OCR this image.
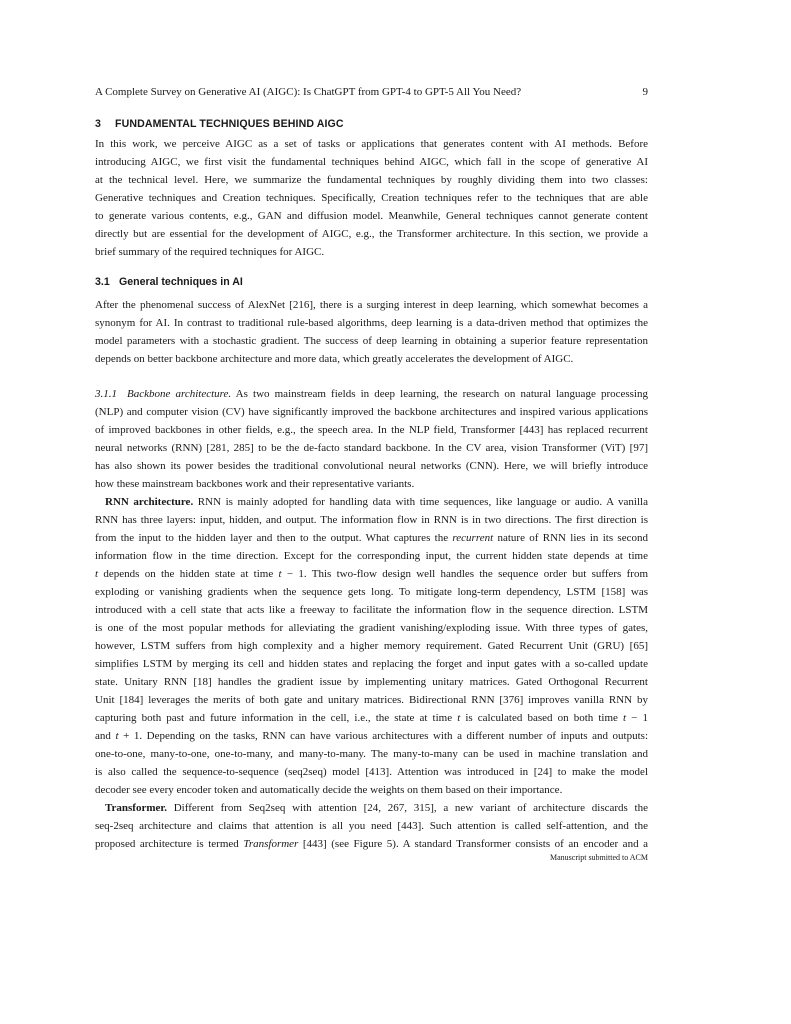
A Complete Survey on Generative AI (AIGC): Is ChatGPT from GPT-4 to GPT-5 All You Need?	9
3 FUNDAMENTAL TECHNIQUES BEHIND AIGC
3.1 General techniques in AI
In this work, we perceive AIGC as a set of tasks or applications that generates content with AI methods. Before
introducing AIGC, we first visit the fundamental techniques behind AIGC, which fall in the scope of generative AI
at the technical level. Here, we summarize the fundamental techniques by roughly dividing them into two classes:
Generative techniques and Creation techniques. Specifically, Creation techniques refer to the techniques that are able
to generate various contents, e.g., GAN and diffusion model. Meanwhile, General techniques cannot generate content
directly but are essential for the development of AIGC, e.g., the Transformer architecture. In this section, we provide a
brief summary of the required techniques for AIGC.
After the phenomenal success of AlexNet [216], there is a surging interest in deep learning, which somewhat becomes a
synonym for AI. In contrast to traditional rule-based algorithms, deep learning is a data-driven method that optimizes the
model parameters with a stochastic gradient. The success of deep learning in obtaining a superior feature representation
depends on better backbone architecture and more data, which greatly accelerates the development of AIGC.
3.1.1 Backbone architecture. As two mainstream fields in deep learning, the research on natural language processing
(NLP) and computer vision (CV) have significantly improved the backbone architectures and inspired various applications
of improved backbones in other fields, e.g., the speech area. In the NLP field, Transformer [443] has replaced recurrent
neural networks (RNN) [281, 285] to be the de-facto standard backbone. In the CV area, vision Transformer (ViT) [97]
has also shown its power besides the traditional convolutional neural networks (CNN). Here, we will briefly introduce
how these mainstream backbones work and their representative variants.
RNN architecture. RNN is mainly adopted for handling data with time sequences, like language or audio. A vanilla
RNN has three layers: input, hidden, and output. The information flow in RNN is in two directions. The first direction is
from the input to the hidden layer and then to the output. What captures the recurrent nature of RNN lies in its second
information flow in the time direction. Except for the corresponding input, the current hidden state depends at time
t depends on the hidden state at time t − 1. This two-flow design well handles the sequence order but suffers from
exploding or vanishing gradients when the sequence gets long. To mitigate long-term dependency, LSTM [158] was
introduced with a cell state that acts like a freeway to facilitate the information flow in the sequence direction. LSTM
is one of the most popular methods for alleviating the gradient vanishing/exploding issue. With three types of gates,
however, LSTM suffers from high complexity and a higher memory requirement. Gated Recurrent Unit (GRU) [65]
simplifies LSTM by merging its cell and hidden states and replacing the forget and input gates with a so-called update
state. Unitary RNN [18] handles the gradient issue by implementing unitary matrices. Gated Orthogonal Recurrent
Unit [184] leverages the merits of both gate and unitary matrices. Bidirectional RNN [376] improves vanilla RNN by
capturing both past and future information in the cell, i.e., the state at time t is calculated based on both time t − 1
and t + 1. Depending on the tasks, RNN can have various architectures with a different number of inputs and outputs:
one-to-one, many-to-one, one-to-many, and many-to-many. The many-to-many can be used in machine translation and
is also called the sequence-to-sequence (seq2seq) model [413]. Attention was introduced in [24] to make the model
decoder see every encoder token and automatically decide the weights on them based on their importance.
Transformer. Different from Seq2seq with attention [24, 267, 315], a new variant of architecture discards the
seq-2seq architecture and claims that attention is all you need [443]. Such attention is called self-attention, and the
proposed architecture is termed Transformer [443] (see Figure 5). A standard Transformer consists of an encoder and a
Manuscript submitted to ACM
